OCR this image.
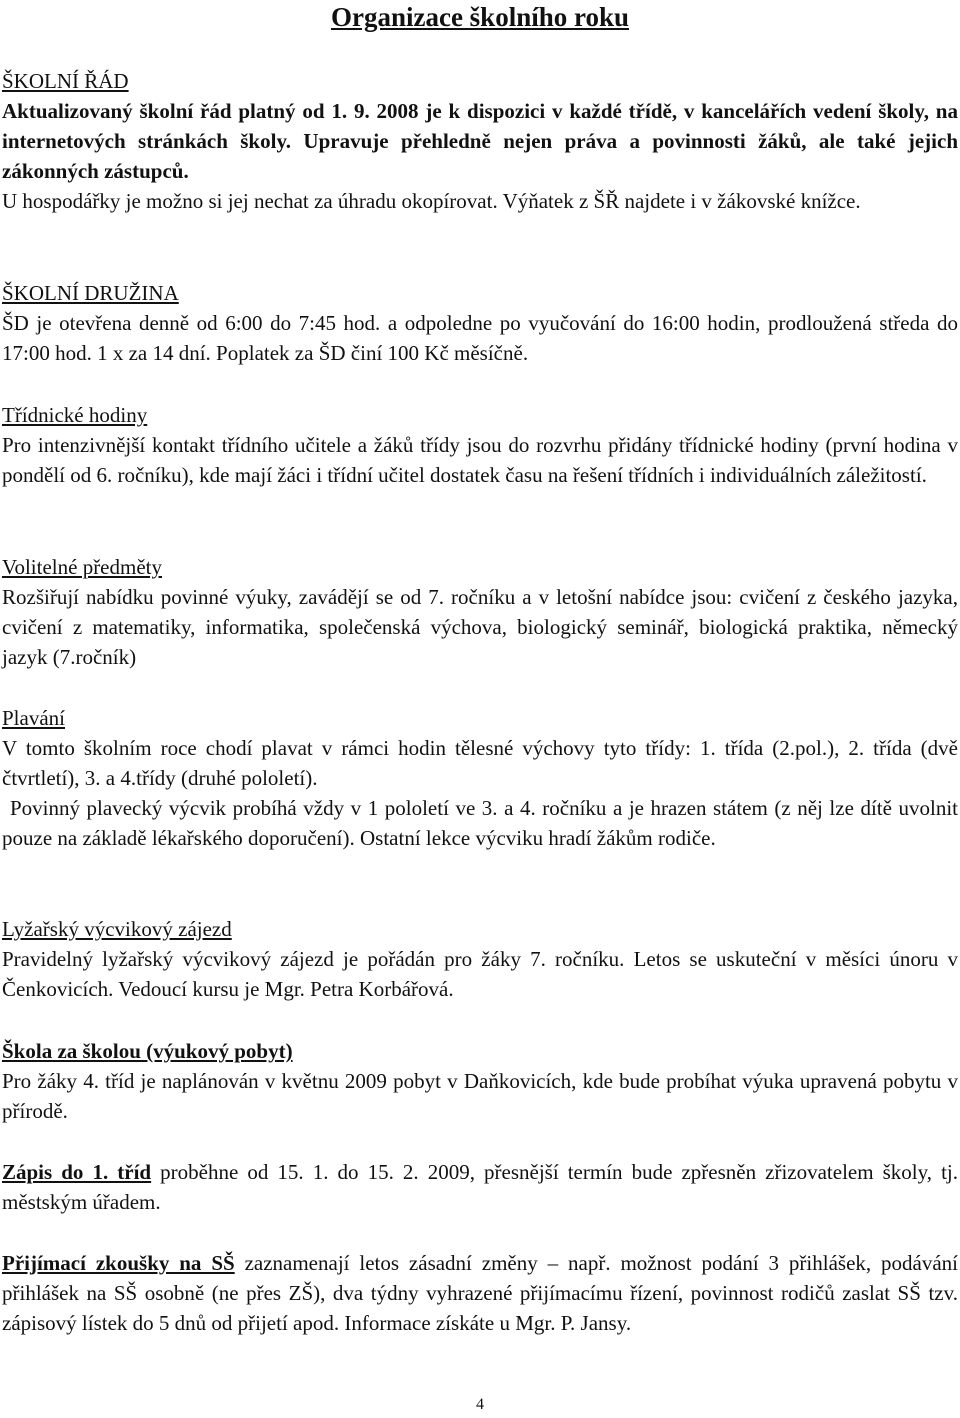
Organizace školního roku
ŠKOLNÍ ŘÁD

Aktualizovaný školní řád platný od 1. 9. 2008 je k dispozici v každé třídě, v kancelářích vedení školy, na internetových stránkách školy. Upravuje přehledně nejen práva a povinnosti žáků, ale také jejich zákonných zástupců.

U hospodářky je možno si jej nechat za úhradu okopírovat. Výňatek z ŠŘ najdete i v žákovské knížce.

ŠKOLNÍ DRUŽINA

ŠD je otevřena denně od 6:00 do 7:45 hod. a odpoledne po vyučování do 16:00 hodin, prodloužená středa do 17:00 hod. 1 x za 14 dní. Poplatek za ŠD činí 100 Kč měsíčně.

Třídnické hodiny

Pro intenzivnější kontakt třídního učitele a žáků třídy jsou do rozvrhu přidány třídnické hodiny (první hodina v pondělí od 6. ročníku), kde mají žáci i třídní učitel dostatek času na řešení třídních i individuálních záležitostí.

Volitelné předměty

Rozšiřují nabídku povinné výuky, zavádějí se od 7. ročníku a v letošní nabídce jsou: cvičení z českého jazyka, cvičení z matematiky, informatika, společenská výchova, biologický seminář, biologická praktika, německý jazyk (7.ročník)

Plavání

V tomto školním roce chodí plavat v rámci hodin tělesné výchovy tyto třídy: 1. třída (2.pol.), 2. třída (dvě čtvrtletí), 3. a 4.třídy (druhé pololetí).

Povinný plavecký výcvik probíhá vždy v 1 pololetí ve 3. a 4. ročníku a je hrazen státem (z něj lze dítě uvolnit pouze na základě lékařského doporučení). Ostatní lekce výcviku hradí žákům rodiče.

Lyžařský výcvikový zájezd

Pravidelný lyžařský výcvikový zájezd je pořádán pro žáky 7. ročníku. Letos se uskuteční v měsíci únoru v Čenkovicích. Vedoucí kursu je Mgr. Petra Korbářová.

Škola za školou (výukový pobyt)

Pro žáky 4. tříd je naplánován v květnu 2009 pobyt v Daňkovicích, kde bude probíhat výuka upravená pobytu v přírodě.

Zápis do 1. tříd proběhne od 15. 1. do 15. 2. 2009, přesnější termín bude zpřesněn zřizovatelem školy, tj. městským úřadem.

Přijímací zkoušky na SŠ zaznamenají letos zásadní změny – např. možnost podání 3 přihlášek, podávání přihlášek na SŠ osobně (ne přes ZŠ), dva týdny vyhrazené přijímacímu řízení, povinnost rodičů zaslat SŠ tzv. zápisový lístek do 5 dnů od přijetí apod. Informace získáte u Mgr. P. Jansy.

4
